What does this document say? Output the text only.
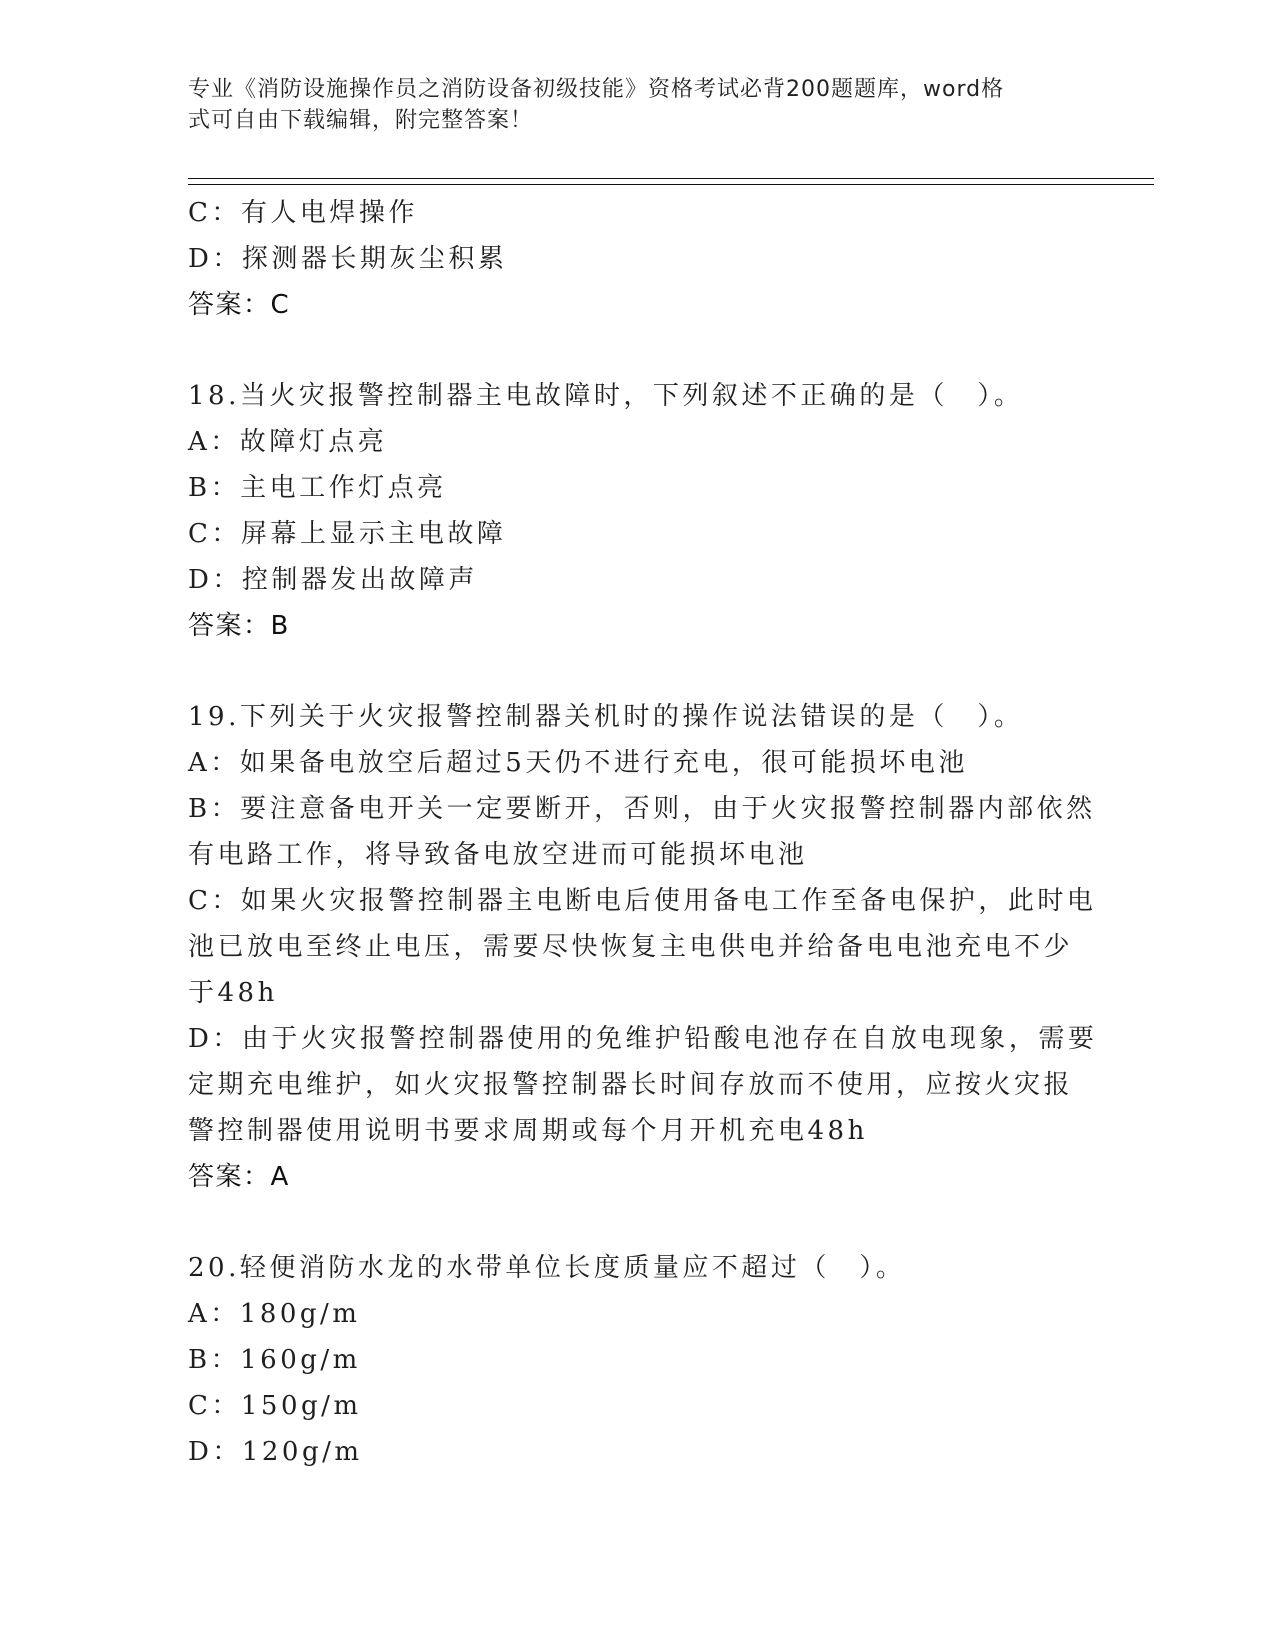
专业《消防设施操作员之消防设备初级技能》资格考试必背200题题库，word格
式可自由下载编辑，附完整答案！
C：有人电焊操作
D：探测器长期灰尘积累
答案：C
18.当火灾报警控制器主电故障时，下列叙述不正确的是（　）。
A：故障灯点亮
B：主电工作灯点亮
C：屏幕上显示主电故障
D：控制器发出故障声
答案：B
19.下列关于火灾报警控制器关机时的操作说法错误的是（　）。
A：如果备电放空后超过5天仍不进行充电，很可能损坏电池
B：要注意备电开关一定要断开，否则，由于火灾报警控制器内部依然
有电路工作，将导致备电放空进而可能损坏电池
C：如果火灾报警控制器主电断电后使用备电工作至备电保护，此时电
池已放电至终止电压，需要尽快恢复主电供电并给备电电池充电不少
于48h
D：由于火灾报警控制器使用的免维护铅酸电池存在自放电现象，需要
定期充电维护，如火灾报警控制器长时间存放而不使用，应按火灾报
警控制器使用说明书要求周期或每个月开机充电48h
答案：A
20.轻便消防水龙的水带单位长度质量应不超过（　）。
A：180g/m
B：160g/m
C：150g/m
D：120g/m
